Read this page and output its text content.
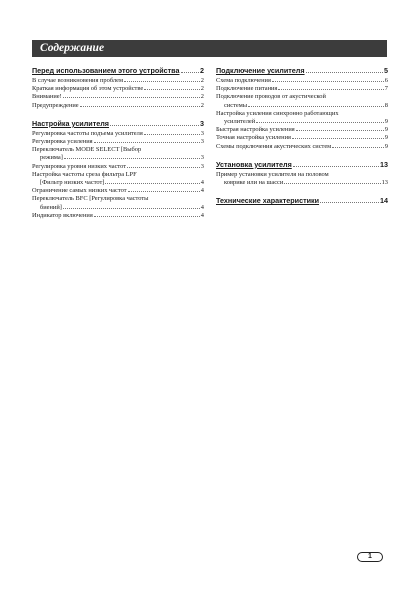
Содержание
Перед использованием этого устройства	2
В случае возникновения проблем	2
Краткая информация об этом устройстве	2
Внимание!	2
Предупреждение	2
Настройка усилителя	3
Регулировка частоты подъема усилителя	3
Регулировка усиления	3
Переключатель MODE SELECT [Выбор
режима]	3
Регулировка уровня низких частот	3
Настройка частоты среза фильтра LPF
[Фильтр низких частот]	4
Ограничение самых низких частот	4
Переключатель BFC [Регулировка частоты
биений]	4
Индикатор включения	4
Подключение усилителя	5
Схема подключения	6
Подключение питания	7
Подключение проводов от акустической
системы	8
Настройка усиления синхронно работающих
усилителей	9
Быстрая настройка усиления	9
Точная настройка усиления	9
Схемы подключения акустических систем	9
Установка усилителя	13
Пример установки усилителя на половом
коврике или на шасси	13
Технические характеристики	14
1
